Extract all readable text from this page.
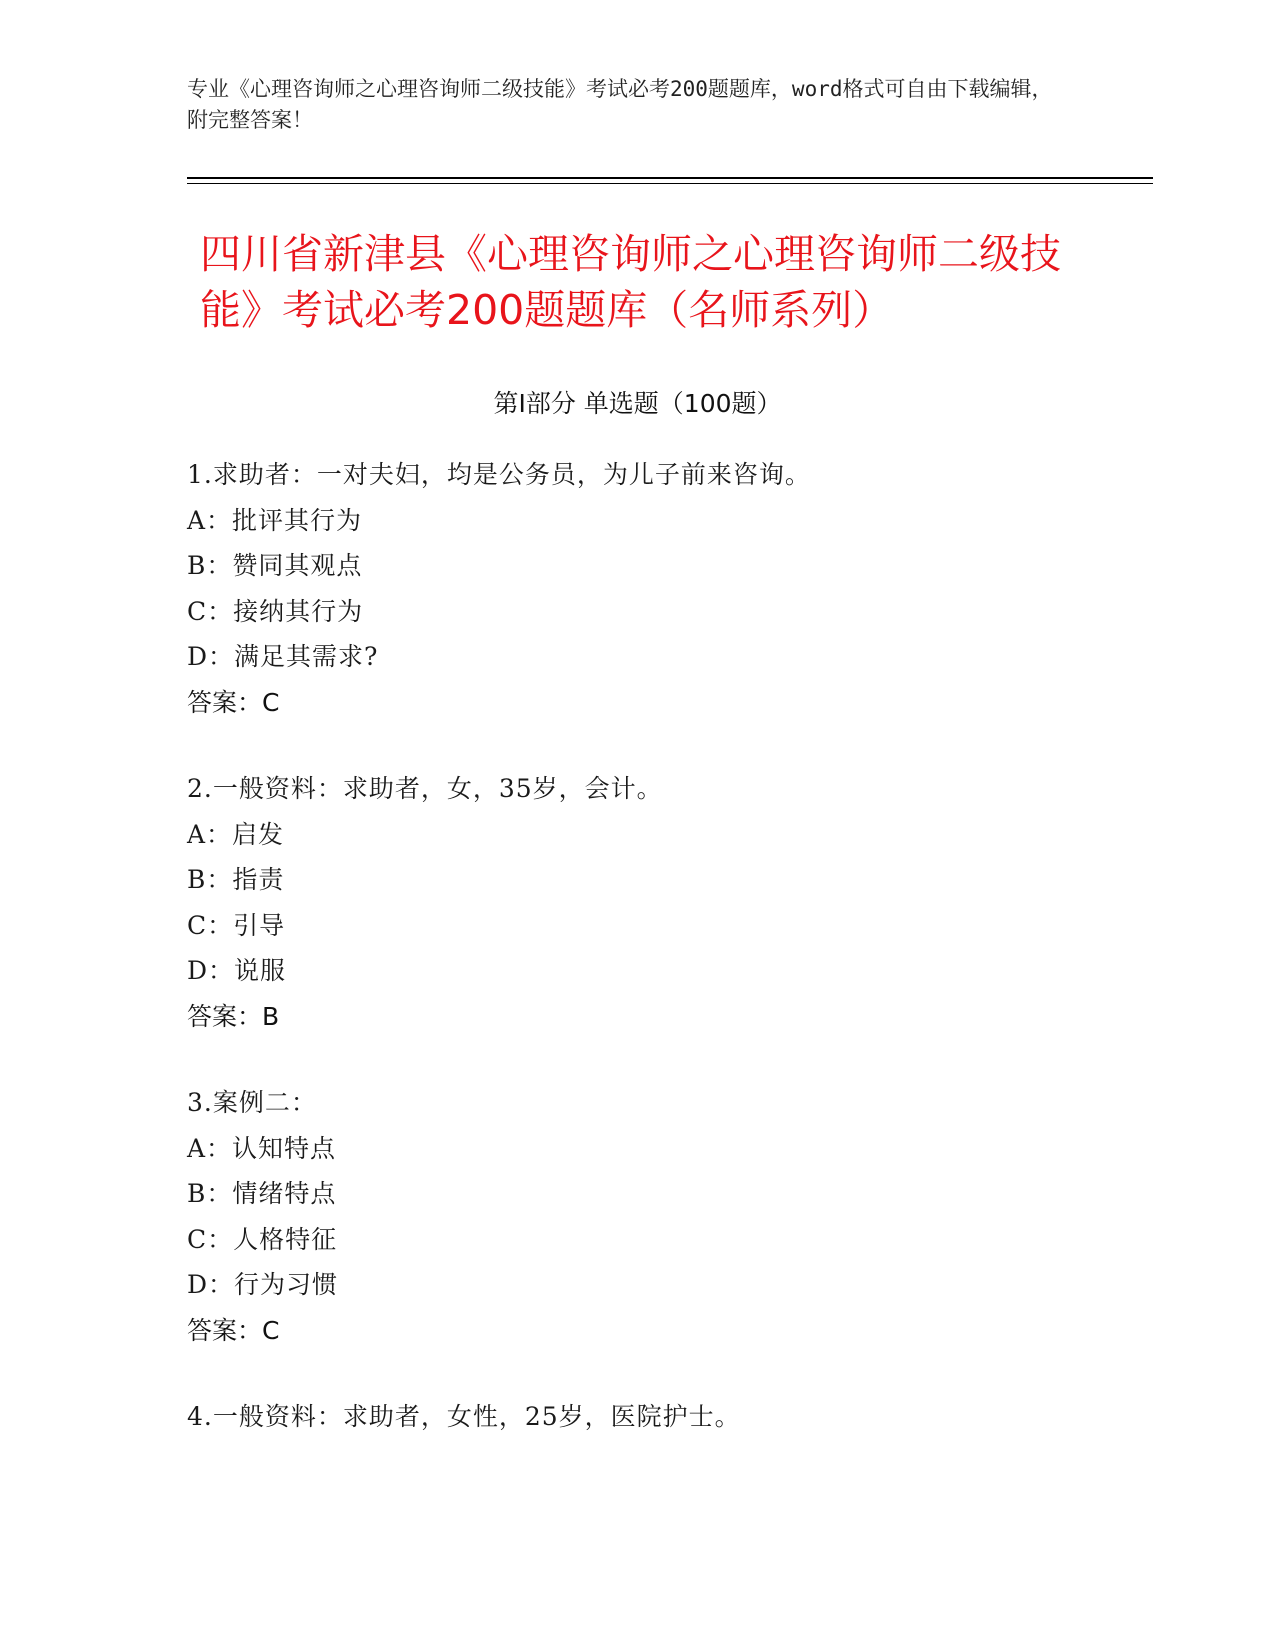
专业《心理咨询师之心理咨询师二级技能》考试必考200题题库，word格式可自由下载编辑，附完整答案！
四川省新津县《心理咨询师之心理咨询师二级技能》考试必考200题题库（名师系列）
第Ⅰ部分 单选题（100题）
1.求助者：一对夫妇，均是公务员，为儿子前来咨询。
A：批评其行为
B：赞同其观点
C：接纳其行为
D：满足其需求?
答案：C
2.一般资料：求助者，女，35岁，会计。
A：启发
B：指责
C：引导
D：说服
答案：B
3.案例二：
A：认知特点
B：情绪特点
C：人格特征
D：行为习惯
答案：C
4.一般资料：求助者，女性，25岁，医院护士。
